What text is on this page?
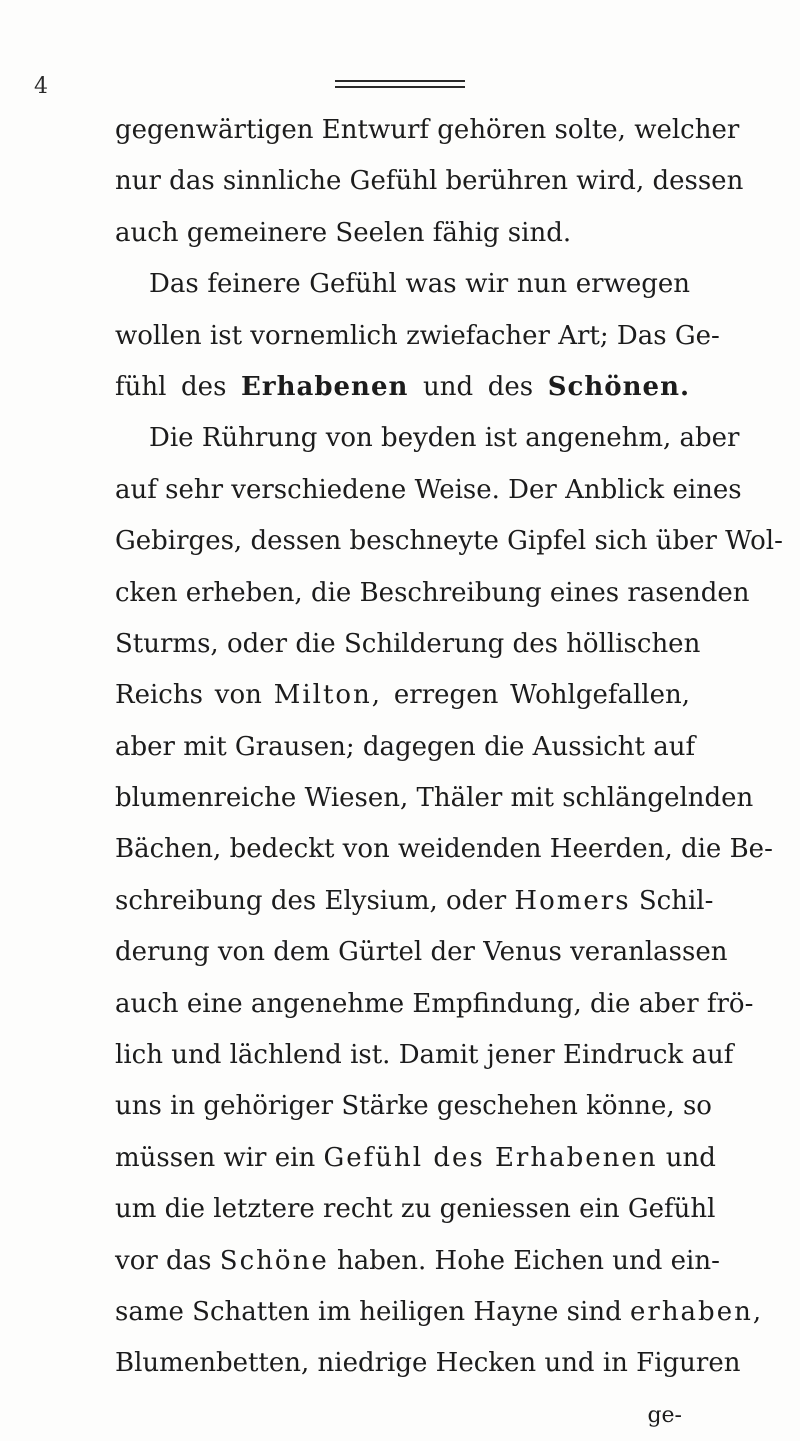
4
gegenwärtigen Entwurf gehören solte, welcher
nur das sinnliche Gefühl berühren wird, dessen
auch gemeinere Seelen fähig sind.
Das feinere Gefühl was wir nun erwegen
wollen ist vornemlich zwiefacher Art; Das Ge-
fühl des Erhabenen und des Schönen.
Die Rührung von beyden ist angenehm, aber
auf sehr verschiedene Weise. Der Anblick eines
Gebirges, dessen beschneyte Gipfel sich über Wol-
cken erheben, die Beschreibung eines rasenden
Sturms, oder die Schilderung des höllischen
Reichs von Milton, erregen Wohlgefallen,
aber mit Grausen; dagegen die Aussicht auf
blumenreiche Wiesen, Thäler mit schlängelnden
Bächen, bedeckt von weidenden Heerden, die Be-
schreibung des Elysium, oder Homers Schil-
derung von dem Gürtel der Venus veranlassen
auch eine angenehme Empfindung, die aber frö-
lich und lächlend ist. Damit jener Eindruck auf
uns in gehöriger Stärke geschehen könne, so
müssen wir ein Gefühl des Erhabenen und
um die letztere recht zu geniessen ein Gefühl
vor das Schöne haben. Hohe Eichen und ein-
same Schatten im heiligen Hayne sind erhaben,
Blumenbetten, niedrige Hecken und in Figuren
ge-
